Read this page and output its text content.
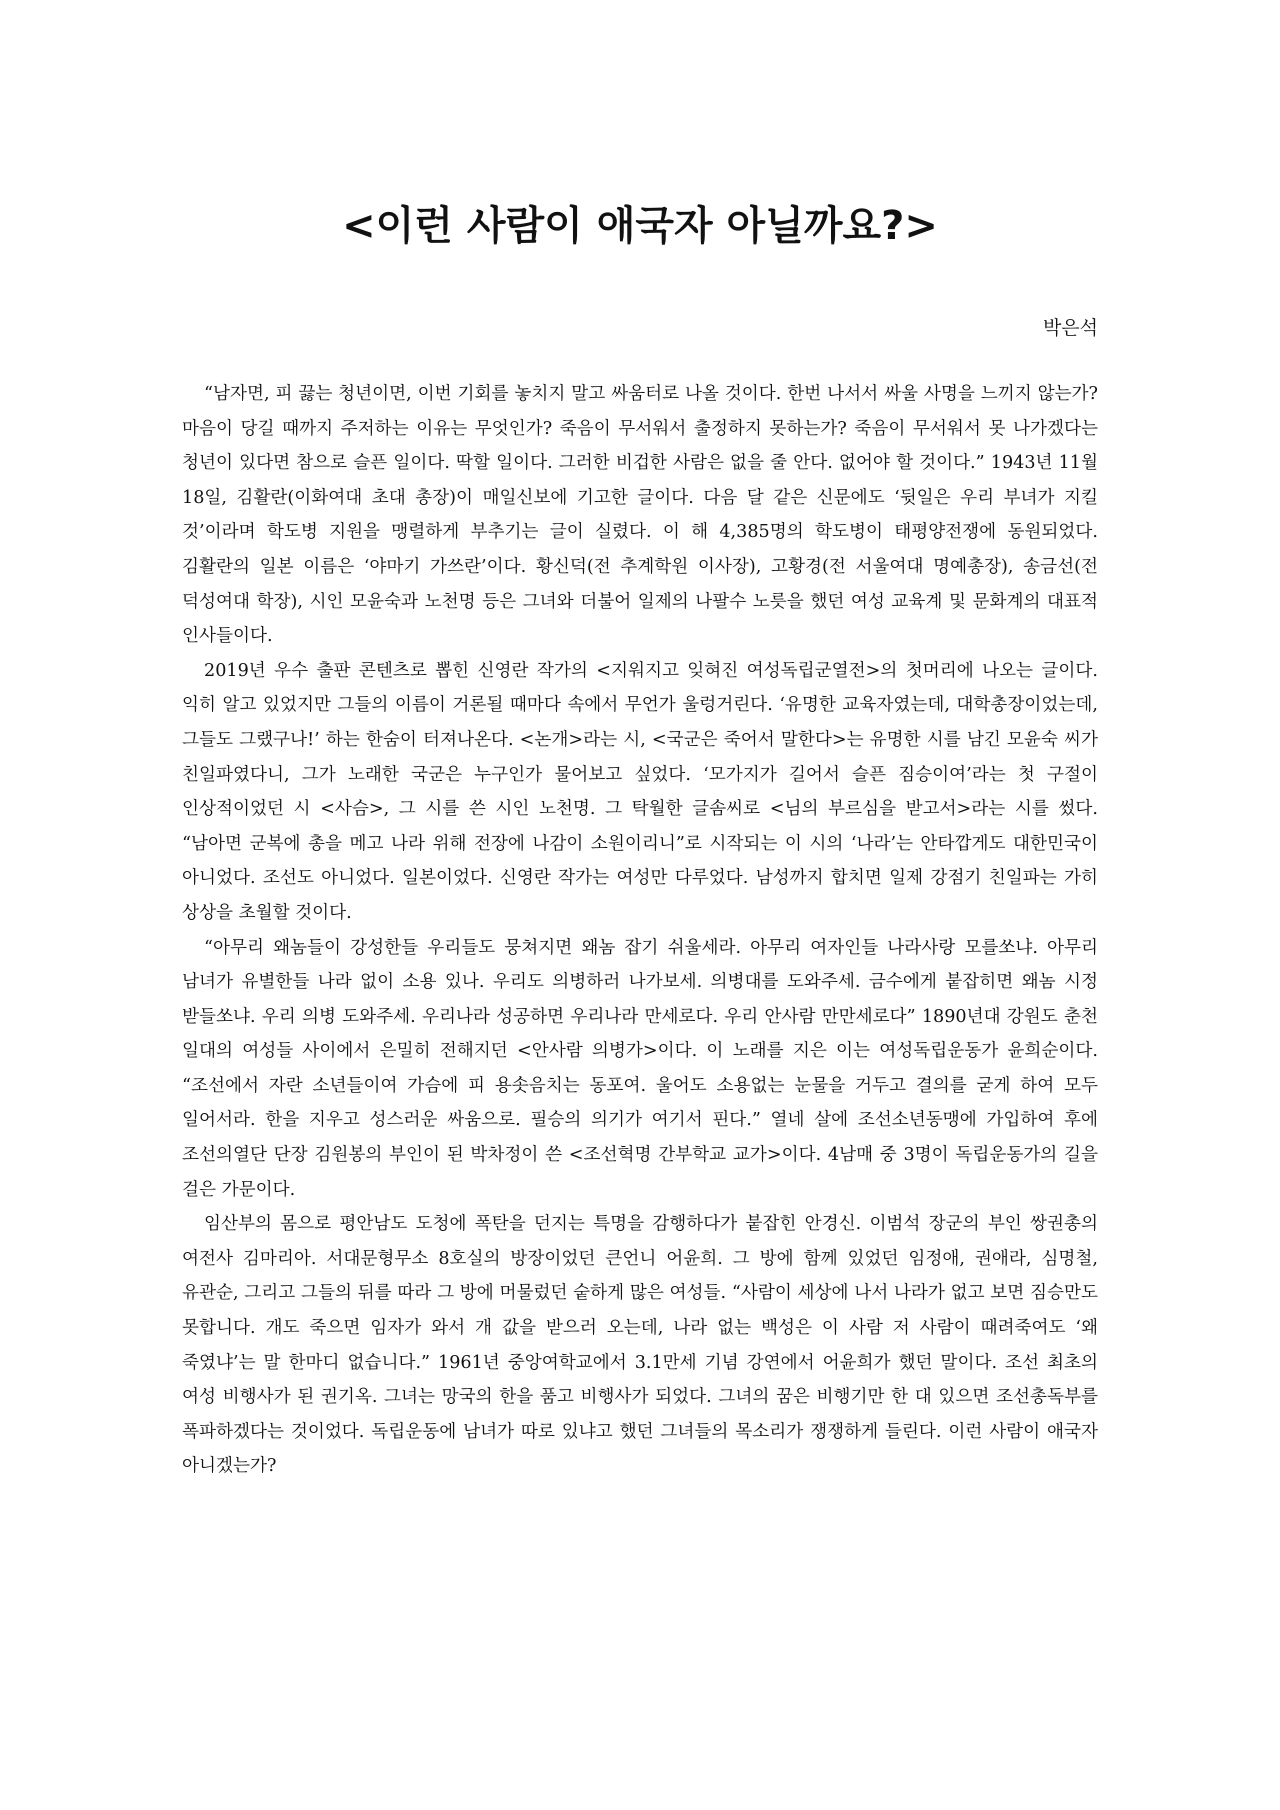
<이런 사람이 애국자 아닐까요?>
박은석

“남자면, 피 끓는 청년이면, 이번 기회를 놓치지 말고 싸움터로 나올 것이다. 한번 나서서 싸울 사명을 느끼지 않는가? 마음이 당길 때까지 주저하는 이유는 무엇인가? 죽음이 무서워서 출정하지 못하는가? 죽음이 무서워서 못 나가겠다는 청년이 있다면 참으로 슬픈 일이다. 딱할 일이다. 그러한 비겁한 사람은 없을 줄 안다. 없어야 할 것이다.” 1943년 11월 18일, 김활란(이화여대 초대 총장)이 매일신보에 기고한 글이다. 다음 달 같은 신문에도 ‘뒷일은 우리 부녀가 지킬 것’이라며 학도병 지원을 맹렬하게 부추기는 글이 실렸다. 이 해 4,385명의 학도병이 태평양전쟁에 동원되었다. 김활란의 일본 이름은 ‘야마기 가쓰란’이다. 황신덕(전 추계학원 이사장), 고황경(전 서울여대 명예총장), 송금선(전 덕성여대 학장), 시인 모윤숙과 노천명 등은 그녀와 더불어 일제의 나팔수 노릇을 했던 여성 교육계 및 문화계의 대표적 인사들이다.

2019년 우수 출판 콘텐츠로 뽑힌 신영란 작가의 <지워지고 잊혀진 여성독립군열전>의 첫머리에 나오는 글이다. 익히 알고 있었지만 그들의 이름이 거론될 때마다 속에서 무언가 울렁거린다. ‘유명한 교육자였는데, 대학총장이었는데, 그들도 그랬구나!’ 하는 한숨이 터져나온다. <논개>라는 시, <국군은 죽어서 말한다>는 유명한 시를 남긴 모윤숙 씨가 친일파였다니, 그가 노래한 국군은 누구인가 물어보고 싶었다. ‘모가지가 길어서 슬픈 짐승이여’라는 첫 구절이 인상적이었던 시 <사슴>, 그 시를 쓴 시인 노천명. 그 탁월한 글솜씨로 <님의 부르심을 받고서>라는 시를 썼다. “남아면 군복에 총을 메고 나라 위해 전장에 나감이 소원이리니”로 시작되는 이 시의 ‘나라’는 안타깝게도 대한민국이 아니었다. 조선도 아니었다. 일본이었다. 신영란 작가는 여성만 다루었다. 남성까지 합치면 일제 강점기 친일파는 가히 상상을 초월할 것이다.

“아무리 왜놈들이 강성한들 우리들도 뭉쳐지면 왜놈 잡기 쉬울세라. 아무리 여자인들 나라사랑 모를쏘냐. 아무리 남녀가 유별한들 나라 없이 소용 있나. 우리도 의병하러 나가보세. 의병대를 도와주세. 금수에게 붙잡히면 왜놈 시정 받들쏘냐. 우리 의병 도와주세. 우리나라 성공하면 우리나라 만세로다. 우리 안사람 만만세로다” 1890년대 강원도 춘천 일대의 여성들 사이에서 은밀히 전해지던 <안사람 의병가>이다. 이 노래를 지은 이는 여성독립운동가 윤희순이다. “조선에서 자란 소년들이여 가슴에 피 용솟음치는 동포여. 울어도 소용없는 눈물을 거두고 결의를 굳게 하여 모두 일어서라. 한을 지우고 성스러운 싸움으로. 필승의 의기가 여기서 핀다.” 열네 살에 조선소년동맹에 가입하여 후에 조선의열단 단장 김원봉의 부인이 된 박차정이 쓴 <조선혁명 간부학교 교가>이다. 4남매 중 3명이 독립운동가의 길을 걸은 가문이다.

임산부의 몸으로 평안남도 도청에 폭탄을 던지는 특명을 감행하다가 붙잡힌 안경신. 이범석 장군의 부인 쌍권총의 여전사 김마리아. 서대문형무소 8호실의 방장이었던 큰언니 어윤희. 그 방에 함께 있었던 임정애, 권애라, 심명철, 유관순, 그리고 그들의 뒤를 따라 그 방에 머물렀던 숱하게 많은 여성들. “사람이 세상에 나서 나라가 없고 보면 짐승만도 못합니다. 개도 죽으면 임자가 와서 개 값을 받으러 오는데, 나라 없는 백성은 이 사람 저 사람이 때려죽여도 ‘왜 죽였냐’는 말 한마디 없습니다.” 1961년 중앙여학교에서 3.1만세 기념 강연에서 어윤희가 했던 말이다. 조선 최초의 여성 비행사가 된 권기옥. 그녀는 망국의 한을 품고 비행사가 되었다. 그녀의 꿈은 비행기만 한 대 있으면 조선총독부를 폭파하겠다는 것이었다. 독립운동에 남녀가 따로 있냐고 했던 그녀들의 목소리가 쟁쟁하게 들린다. 이런 사람이 애국자 아니겠는가?
